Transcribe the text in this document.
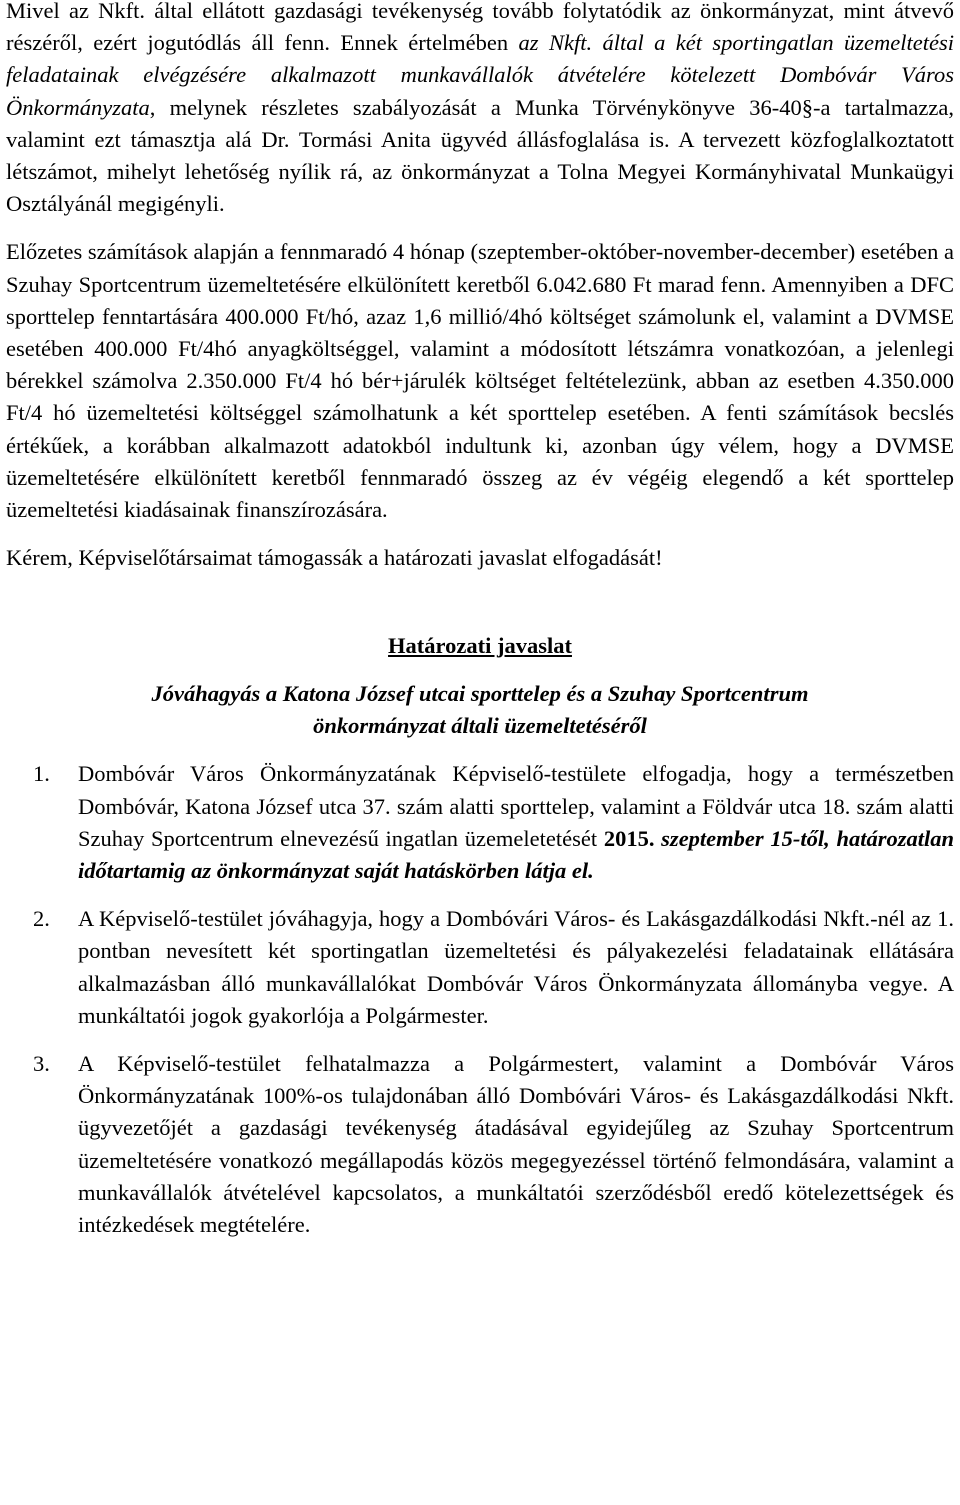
Mivel az Nkft. által ellátott gazdasági tevékenység tovább folytatódik az önkormányzat, mint átvevő részéről, ezért jogutódlás áll fenn. Ennek értelmében az Nkft. által a két sportingatlan üzemeltetési feladatainak elvégzésére alkalmazott munkavállalók átvételére kötelezett Dombóvár Város Önkormányzata, melynek részletes szabályozását a Munka Törvénykönyve 36-40§-a tartalmazza, valamint ezt támasztja alá Dr. Tormási Anita ügyvéd állásfoglalása is. A tervezett közfoglalkoztatott létszámot, mihelyt lehetőség nyílik rá, az önkormányzat a Tolna Megyei Kormányhivatal Munkaügyi Osztályánál megigényli.

Előzetes számítások alapján a fennmaradó 4 hónap (szeptember-október-november-december) esetében a Szuhay Sportcentrum üzemeltetésére elkülönített keretből 6.042.680 Ft marad fenn. Amennyiben a DFC sporttelep fenntartására 400.000 Ft/hó, azaz 1,6 millió/4hó költséget számolunk el, valamint a DVMSE esetében 400.000 Ft/4hó anyagköltséggel, valamint a módosított létszámra vonatkozóan, a jelenlegi bérekkel számolva 2.350.000 Ft/4 hó bér+járulék költséget feltételezünk, abban az esetben 4.350.000 Ft/4 hó üzemeltetési költséggel számolhatunk a két sporttelep esetében. A fenti számítások becslés értékűek, a korábban alkalmazott adatokból indultunk ki, azonban úgy vélem, hogy a DVMSE üzemeltetésére elkülönített keretből fennmaradó összeg az év végéig elegendő a két sporttelep üzemeltetési kiadásainak finanszírozására.

Kérem, Képviselőtársaimat támogassák a határozati javaslat elfogadását!

Határozati javaslat

Jóváhagyás a Katona József utcai sporttelep és a Szuhay Sportcentrum

önkormányzat általi üzemeltetéséről

1.	Dombóvár Város Önkormányzatának Képviselő-testülete elfogadja, hogy a természetben Dombóvár, Katona József utca 37. szám alatti sporttelep, valamint a Földvár utca 18. szám alatti Szuhay Sportcentrum elnevezésű ingatlan üzemeletetését 2015. szeptember 15-től, határozatlan időtartamig az önkormányzat saját hatáskörben látja el.
2.	A Képviselő-testület jóváhagyja, hogy a Dombóvári Város- és Lakásgazdálkodási Nkft.-nél az 1. pontban nevesített két sportingatlan üzemeltetési és pályakezelési feladatainak ellátására alkalmazásban álló munkavállalókat Dombóvár Város Önkormányzata állományba vegye. A munkáltatói jogok gyakorlója a Polgármester.
3.	A Képviselő-testület felhatalmazza a Polgármestert, valamint a Dombóvár Város Önkormányzatának 100%-os tulajdonában álló Dombóvári Város- és Lakásgazdálkodási Nkft. ügyvezetőjét a gazdasági tevékenység átadásával egyidejűleg az Szuhay Sportcentrum üzemeltetésére vonatkozó megállapodás közös megegyezéssel történő felmondására, valamint a munkavállalók átvételével kapcsolatos, a munkáltatói szerződésből eredő kötelezettségek és intézkedések megtételére.
